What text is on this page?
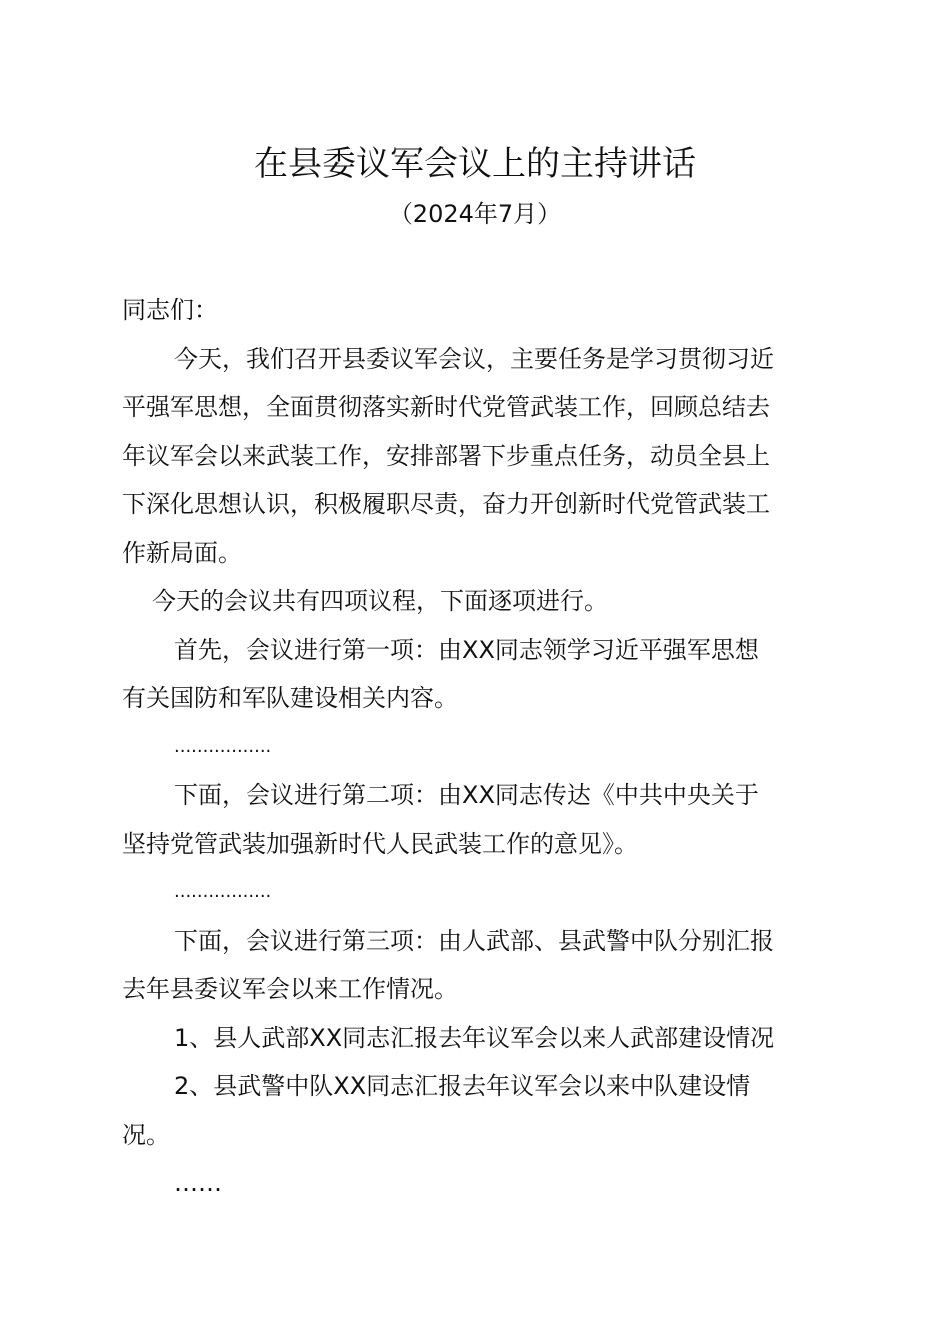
在县委议军会议上的主持讲话
（2024年7月）
同志们：
今天，我们召开县委议军会议，主要任务是学习贯彻习近
平强军思想，全面贯彻落实新时代党管武装工作，回顾总结去
年议军会以来武装工作，安排部署下步重点任务，动员全县上
下深化思想认识，积极履职尽责，奋力开创新时代党管武装工
作新局面。
今天的会议共有四项议程，下面逐项进行。
首先，会议进行第一项：由XX同志领学习近平强军思想
有关国防和军队建设相关内容。
.................
下面，会议进行第二项：由XX同志传达《中共中央关于
坚持党管武装加强新时代人民武装工作的意见》。
.................
下面，会议进行第三项：由人武部、县武警中队分别汇报
去年县委议军会以来工作情况。
1、县人武部XX同志汇报去年议军会以来人武部建设情况
2、县武警中队XX同志汇报去年议军会以来中队建设情
况。
……
